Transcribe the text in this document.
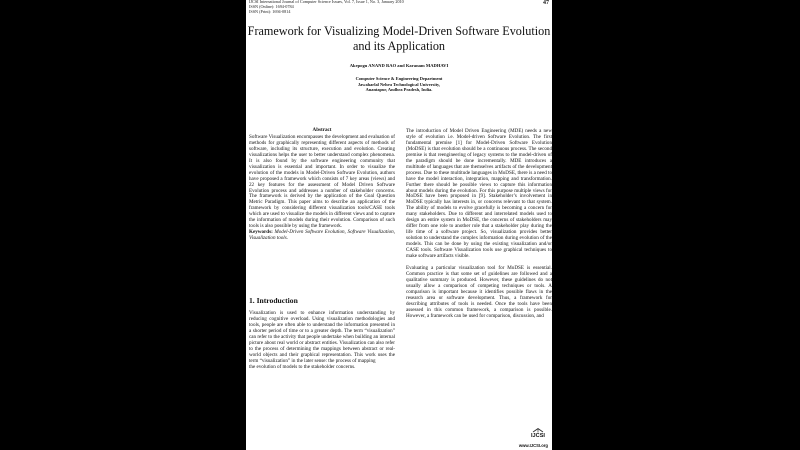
IJCSI International Journal of Computer Science Issues, Vol. 7, Issue 1, No. 3, January 2010
ISSN (Online): 1694-0784
ISSN (Print): 1694-0814
47
Framework for Visualizing Model-Driven Software Evolution
and its Application
Akepogu ANAND RAO and Karanam MADHAVI
Computer Science & Engineering Department
Jawaharlal Nehru Technological University,
Anantapur, Andhra Pradesh, India.
Abstract

Software Visualization encompasses the development and evaluation of methods for graphically representing different aspects of methods of software, including its structure, execution and evolution. Creating visualizations helps the user to better understand complex phenomena. It is also found by the software engineering community that visualization is essential and important. In order to visualize the evolution of the models in Model-Driven Software Evolution, authors have proposed a framework which consists of 7 key areas (views) and 22 key features for the assessment of Model Driven Software Evolution process and addresses a number of stakeholder concerns. The framework is derived by the application of the Goal Question Metric Paradigm. This paper aims to describe an application of the framework by considering different visualization tools/CASE tools which are used to visualize the models in different views and to capture the information of models during their evolution. Comparison of such tools is also possible by using the framework.

Keywords: Model-Driven Software Evolution, Software Visualization, Visualization tools.

1. Introduction

Visualization is used to enhance information understanding by reducing cognitive overload. Using visualization methodologies and tools, people are often able to understand the information presented in a shorter period of time or to a greater depth. The term “visualization” can refer to the activity that people undertake when building an internal picture about real world or abstract entities. Visualization can also refer to the process of determining the mappings between abstract or real-world objects and their graphical representation. This work uses the term “visualization” in the later sense: the process of mapping

the evolution of models to the stakeholder concerns.

The introduction of Model Driven Engineering (MDE) needs a new style of evolution i.e. Model-driven Software Evolution. The first fundamental premise [1] for Model-Driven Software Evolution (MoDSE) is that evolution should be a continuous process. The second premise is that reengineering of legacy systems to the model-driven of the paradigm should be done incrementally. MDE introduces a multitude of languages that are themselves artifacts of the development process. Due to these multitude languages in MoDSE, there is a need to have the model interaction, integration, mapping and transformation. Further there should be possible views to capture this information about models during the evolution. For this purpose multiple views for MoDSE have been proposed in [9]. Stakeholder’s involvement in MoDSE typically has interests in, or concerns relevant to that system. The ability of models to evolve gracefully is becoming a concern for many stakeholders. Due to different and interrelated models used to design an entire system in MoDSE, the concerns of stakeholders may differ from one role to another role that a stakeholder play during the life time of a software project. So, visualization provides better solution to understand the complex information during evolution of the models. This can be done by using the existing visualization and/or CASE tools. Software Visualization tools use graphical techniques to make software artifacts visible.

Evaluating a particular visualization tool for MoDSE is essential. Common practice is that some set of guidelines are followed and a qualitative summary is produced. However, these guidelines do not usually allow a comparison of competing techniques or tools. A comparison is important because it identifies possible flaws in the research area or software development. Thus, a framework for describing attributes of tools is needed. Once the tools have been assessed in this common framework, a comparison is possible. However, a framework can be used for comparison, discussion, and

IJCSI
www.IJCSI.org
